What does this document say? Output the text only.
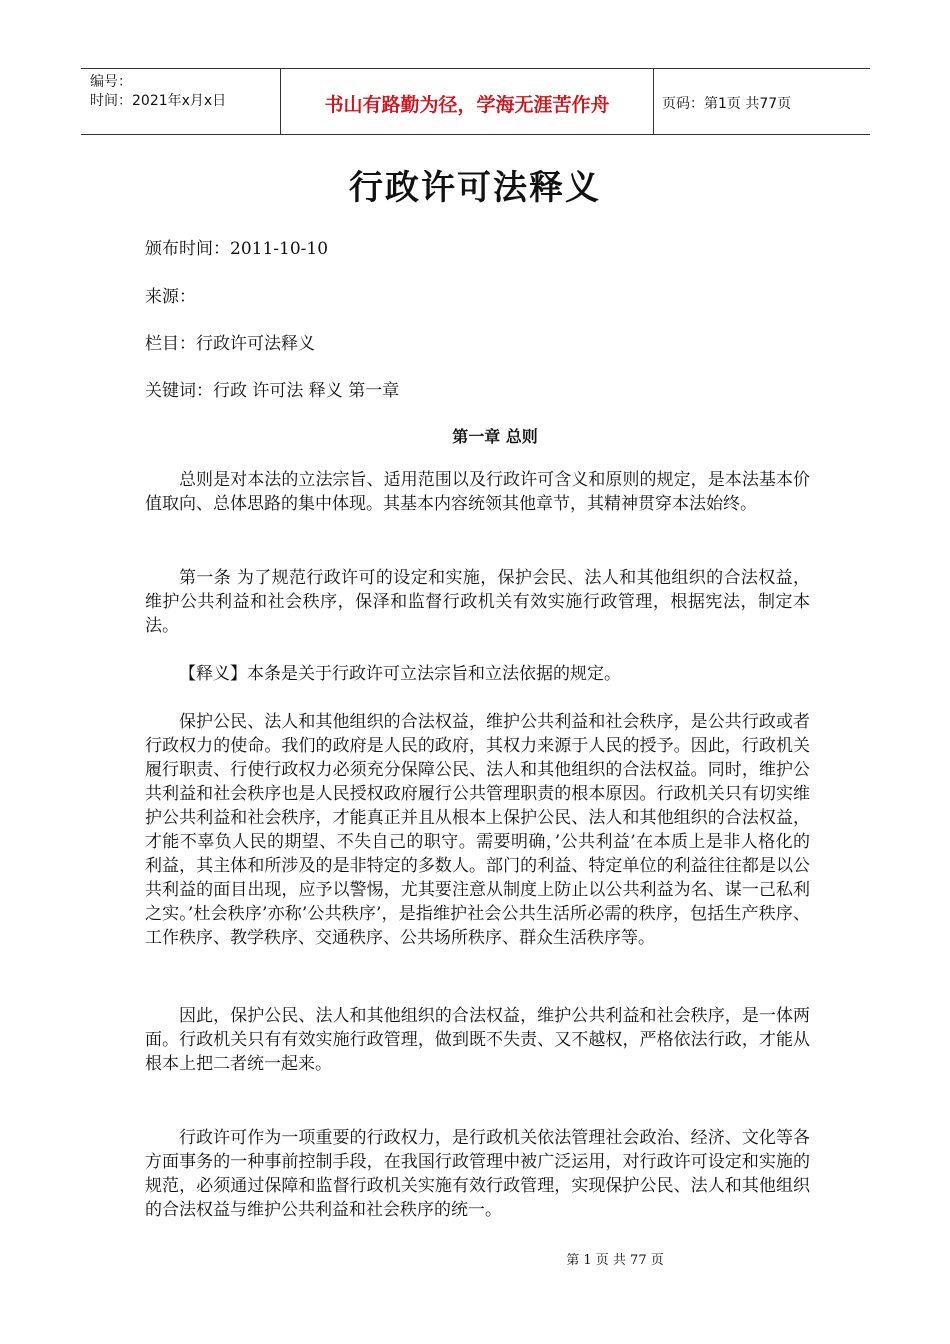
编号：
时间：2021年x月x日	书山有路勤为径，学海无涯苦作舟	页码：第1页 共77页
行政许可法释义
颁布时间：2011-10-10
来源：
栏目：行政许可法释义
关键词：行政 许可法 释义 第一章
第一章 总则
总则是对本法的立法宗旨、适用范围以及行政许可含义和原则的规定，是本法基本价值取向、总体思路的集中体现。其基本内容统领其他章节，其精神贯穿本法始终。
第一条 为了规范行政许可的设定和实施，保护会民、法人和其他组织的合法权益，维护公共利益和社会秩序，保泽和监督行政机关有效实施行政管理，根据宪法，制定本法。
【释义】本条是关于行政许可立法宗旨和立法依据的规定。
保护公民、法人和其他组织的合法权益，维护公共利益和社会秩序，是公共行政或者行政权力的使命。我们的政府是人民的政府，其权力来源于人民的授予。因此，行政机关履行职责、行使行政权力必须充分保障公民、法人和其他组织的合法权益。同时，维护公共利益和社会秩序也是人民授权政府履行公共管理职责的根本原因。行政机关只有切实维护公共利益和社会秩序，才能真正并且从根本上保护公民、法人和其他组织的合法权益，才能不辜负人民的期望、不失自己的职守。需要明确，’公共利益’在本质上是非人格化的利益，其主体和所涉及的是非特定的多数人。部门的利益、特定单位的利益往往都是以公共利益的面目出现，应予以警惕，尤其要注意从制度上防止以公共利益为名、谋一己私利之实。’杜会秩序’亦称’公共秩序’，是指维护社会公共生活所必需的秩序，包括生产秩序、工作秩序、教学秩序、交通秩序、公共场所秩序、群众生活秩序等。
因此，保护公民、法人和其他组织的合法权益，维护公共利益和社会秩序，是一体两面。行政机关只有有效实施行政管理，做到既不失责、又不越权，严格依法行政，才能从根本上把二者统一起来。
行政许可作为一项重要的行政权力，是行政机关依法管理社会政治、经济、文化等各方面事务的一种事前控制手段，在我国行政管理中被广泛运用，对行政许可设定和实施的规范，必须通过保障和监督行政机关实施有效行政管理，实现保护公民、法人和其他组织的合法权益与维护公共利益和社会秩序的统一。
第 1 页 共 77 页
